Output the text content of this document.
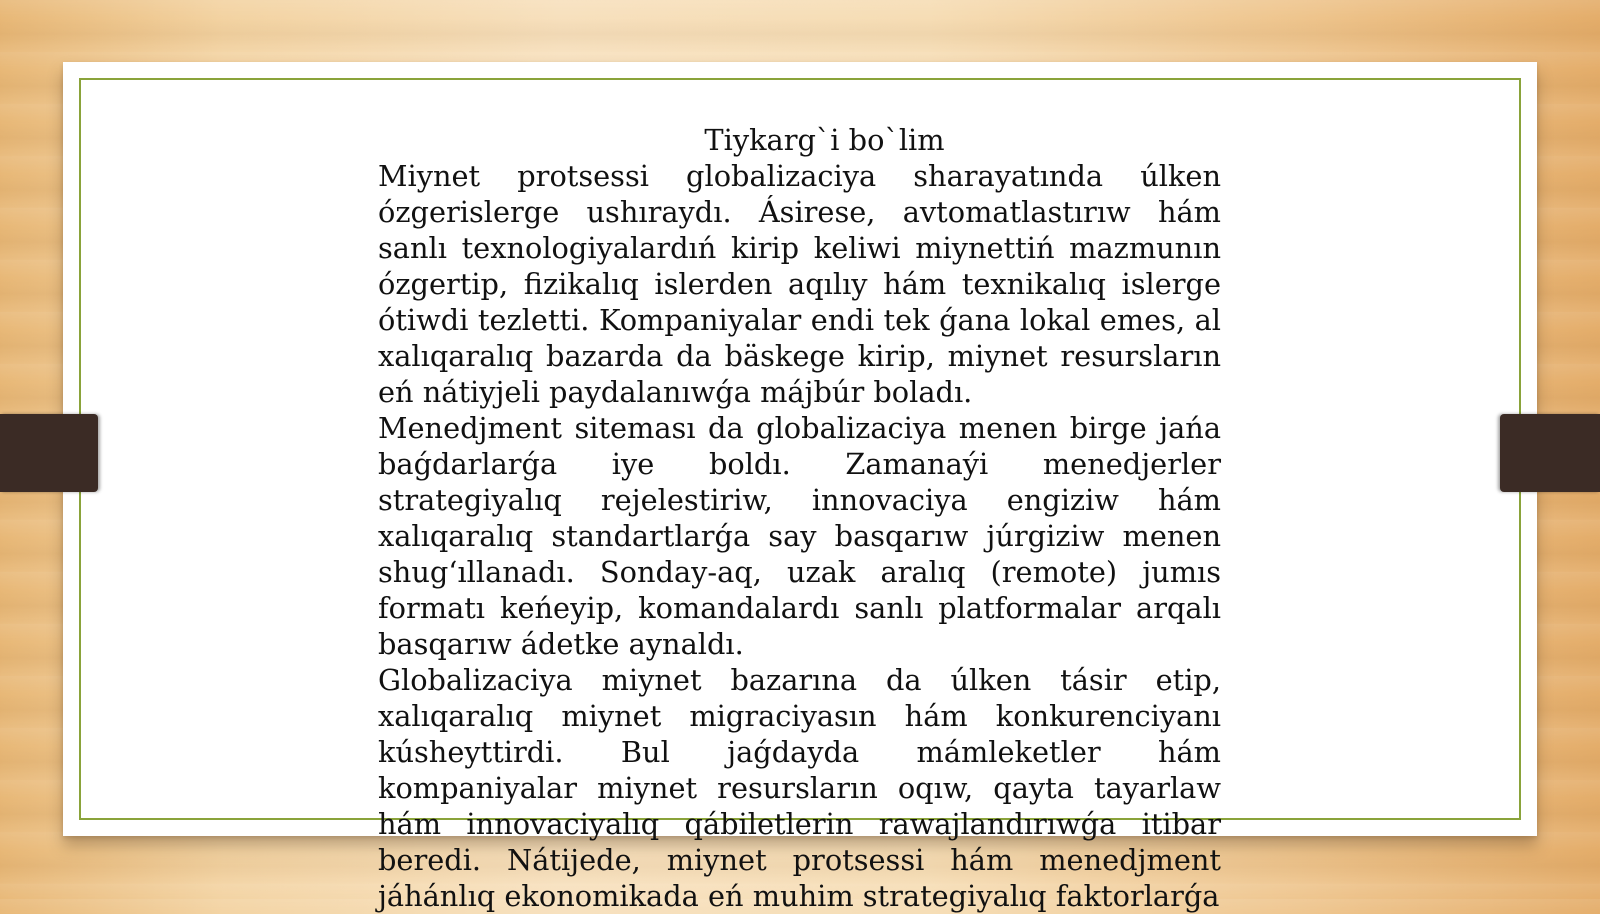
Tiykarg`i bo`lim

Miynet protsessi globalizaciya sharayatında úlken ózgerislerge ushıraydı. Ásirese, avtomatlastırıw hám sanlı texnologiyalardıń kirip keliwi miynettiń mazmunın ózgertip, fizikalıq islerden aqılıy hám texnikalıq islerge ótiwdi tezletti. Kompaniyalar endi tek ǵana lokal emes, al xalıqaralıq bazarda da bäskege kirip, miynet resursların eń nátiyjeli paydalanıwǵa májbúr boladı.

Menedjment siteması da globalizaciya menen birge jańa baǵdarlarǵa iye boldı. Zamanaýi menedjerler strategiyalıq rejelestiriw, innovaciya engiziw hám xalıqaralıq standartlarǵa say basqarıw júrgiziw menen shugʻıllanadı. Sonday-aq, uzak aralıq (remote) jumıs formatı keńeyip, komandalardı sanlı platformalar arqalı basqarıw ádetke aynaldı.

Globalizaciya miynet bazarına da úlken tásir etip, xalıqaralıq miynet migraciyasın hám konkurenciyanı kúsheyttirdi. Bul jaǵdayda mámleketler hám kompaniyalar miynet resursların oqıw, qayta tayarlaw hám innovaciyalıq qábiletlerin rawajlandırıwǵa itibar beredi. Nátijede, miynet protsessi hám menedjment jáhánlıq ekonomikada eń muhim strategiyalıq faktorlarǵa
